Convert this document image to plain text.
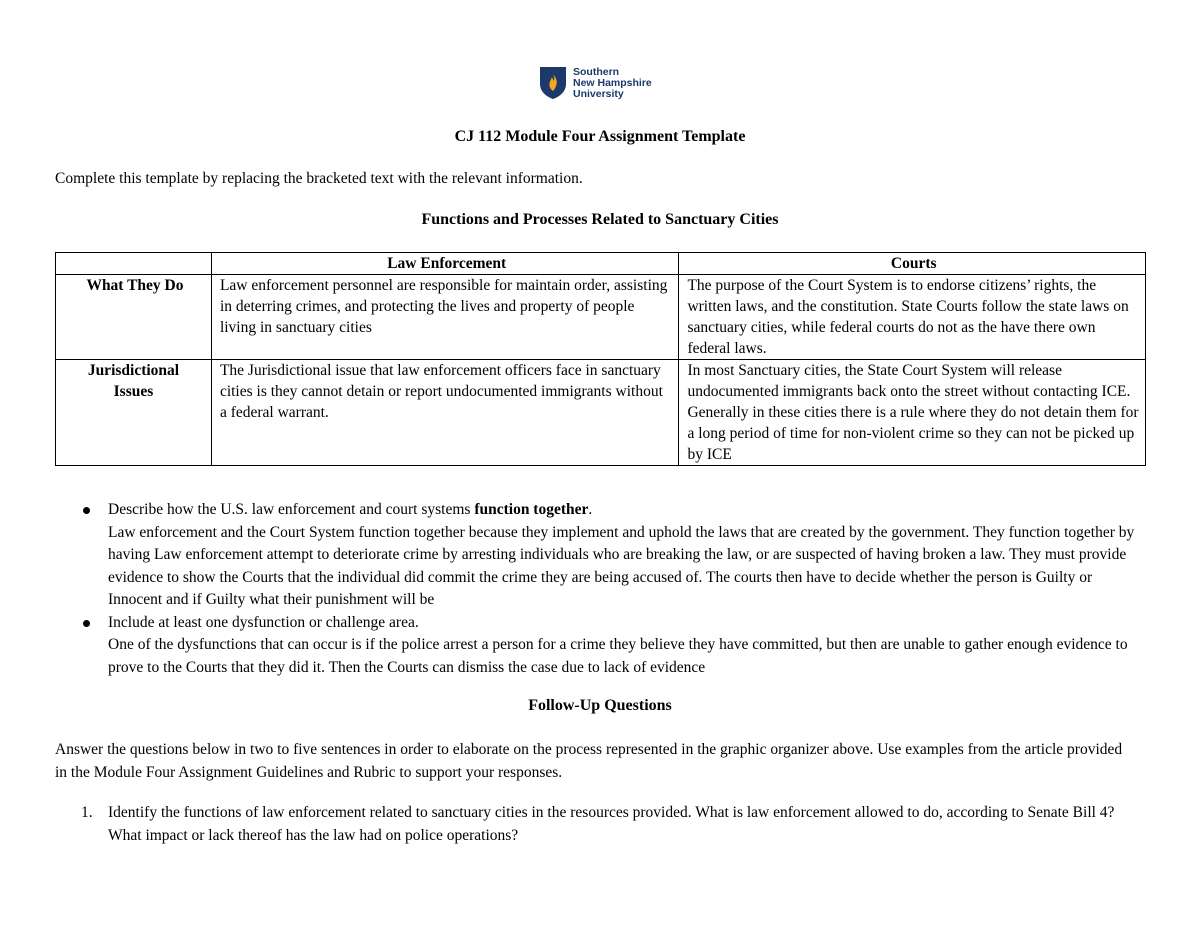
Southern
New Hampshire
University
CJ 112 Module Four Assignment Template
Complete this template by replacing the bracketed text with the relevant information.
Functions and Processes Related to Sanctuary Cities
	Law Enforcement	Courts
What They Do	Law enforcement personnel are responsible for maintain order, assisting in deterring crimes, and protecting the lives and property of people living in sanctuary cities	The purpose of the Court System is to endorse citizens’ rights, the written laws, and the constitution. State Courts follow the state laws on sanctuary cities, while federal courts do not as the have there own federal laws.
Jurisdictional Issues	The Jurisdictional issue that law enforcement officers face in sanctuary cities is they cannot detain or report undocumented immigrants without a federal warrant.	In most Sanctuary cities, the State Court System will release undocumented immigrants back onto the street without contacting ICE. Generally in these cities there is a rule where they do not detain them for a long period of time for non-violent crime so they can not be picked up by ICE
Describe how the U.S. law enforcement and court systems function together.
Law enforcement and the Court System function together because they implement and uphold the laws that are created by the government. They function together by having Law enforcement attempt to deteriorate crime by arresting individuals who are breaking the law, or are suspected of having broken a law. They must provide evidence to show the Courts that the individual did commit the crime they are being accused of. The courts then have to decide whether the person is Guilty or Innocent and if Guilty what their punishment will be
Include at least one dysfunction or challenge area.
One of the dysfunctions that can occur is if the police arrest a person for a crime they believe they have committed, but then are unable to gather enough evidence to prove to the Courts that they did it. Then the Courts can dismiss the case due to lack of evidence
Follow-Up Questions
Answer the questions below in two to five sentences in order to elaborate on the process represented in the graphic organizer above. Use examples from the article provided in the Module Four Assignment Guidelines and Rubric to support your responses.
1. Identify the functions of law enforcement related to sanctuary cities in the resources provided. What is law enforcement allowed to do, according to Senate Bill 4? What impact or lack thereof has the law had on police operations?
